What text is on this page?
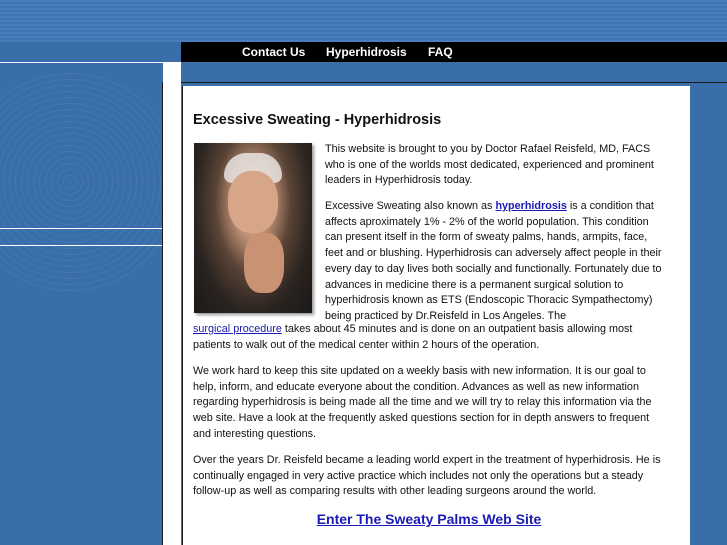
Contact Us Hyperhidrosis FAQ
Excessive Sweating - Hyperhidrosis

This website is brought to you by Doctor Rafael Reisfeld, MD, FACS who is one of the worlds most dedicated, experienced and prominent leaders in Hyperhidrosis today.

Excessive Sweating also known as hyperhidrosis is a condition that affects aproximately 1% - 2% of the world population. This condition can present itself in the form of sweaty palms, hands, armpits, face, feet and or blushing. Hyperhidrosis can adversely affect people in their every day to day lives both socially and functionally. Fortunately due to advances in medicine there is a permanent surgical solution to hyperhidrosis known as ETS (Endoscopic Thoracic Sympathectomy) being practiced by Dr.Reisfeld in Los Angeles. The

surgical procedure takes about 45 minutes and is done on an outpatient basis allowing most patients to walk out of the medical center within 2 hours of the operation.

We work hard to keep this site updated on a weekly basis with new information. It is our goal to help, inform, and educate everyone about the condition. Advances as well as new information regarding hyperhidrosis is being made all the time and we will try to relay this information via the web site. Have a look at the frequently asked questions section for in depth answers to frequent and interesting questions.

Over the years Dr. Reisfeld became a leading world expert in the treatment of hyperhidrosis. He is continually engaged in very active practice which includes not only the operations but a steady follow-up as well as comparing results with other leading surgeons around the world.

Enter The Sweaty Palms Web Site
